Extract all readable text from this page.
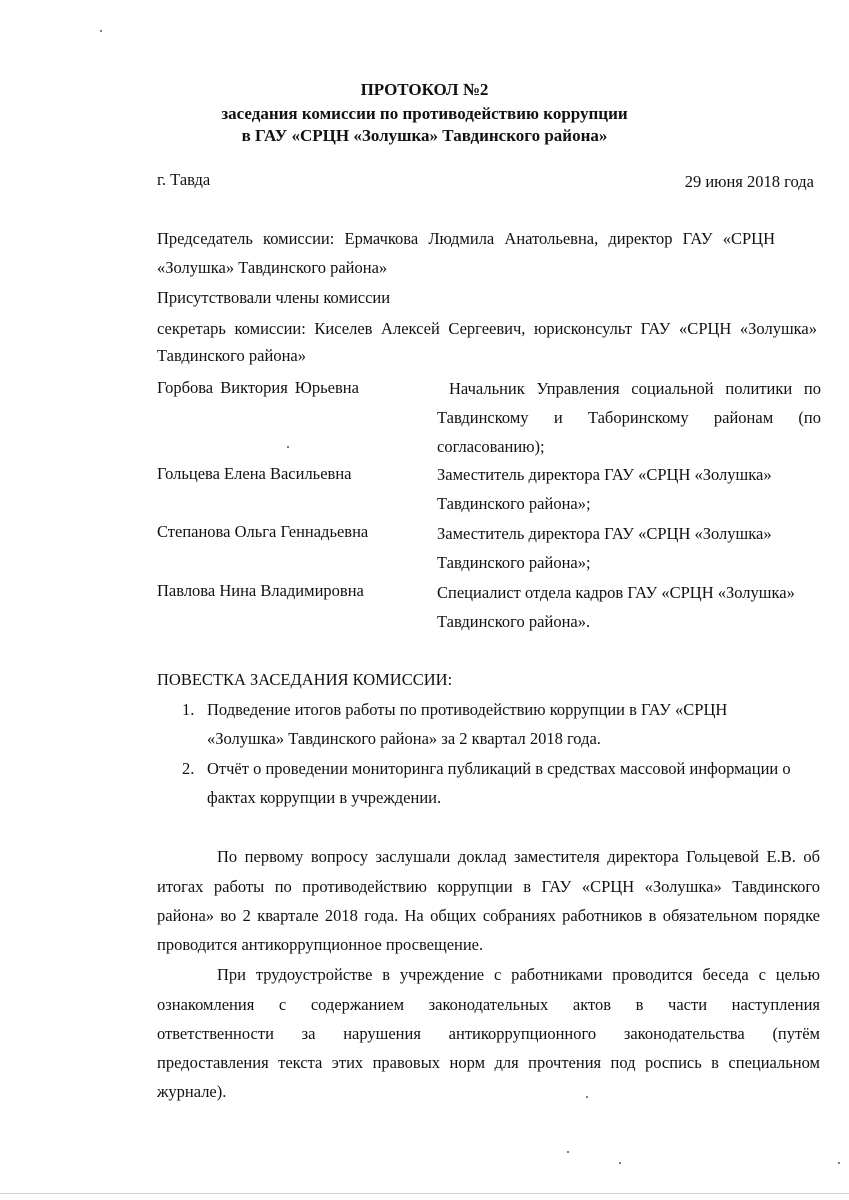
ПРОТОКОЛ №2
заседания комиссии по противодействию коррупции
в ГАУ «СРЦН «Золушка» Тавдинского района»
г. Тавда	29 июня 2018 года
Председатель комиссии: Ермачкова Людмила Анатольевна, директор ГАУ «СРЦН
«Золушка» Тавдинского района»
Присутствовали члены комиссии
секретарь комиссии: Киселев Алексей Сергеевич, юрисконсульт ГАУ «СРЦН «Золушка»
Тавдинского района»
Горбова Виктория Юрьевна	Начальник Управления социальной политики по
Тавдинскому и Таборинскому районам (по
согласованию);
Гольцева Елена Васильевна	Заместитель директора ГАУ «СРЦН «Золушка»
Тавдинского района»;
Степанова Ольга Геннадьевна	Заместитель директора ГАУ «СРЦН «Золушка»
Тавдинского района»;
Павлова Нина Владимировна	Специалист отдела кадров ГАУ «СРЦН «Золушка»
Тавдинского района».
ПОВЕСТКА ЗАСЕДАНИЯ КОМИССИИ:
1. Подведение итогов работы по противодействию коррупции в ГАУ «СРЦН
«Золушка» Тавдинского района» за 2 квартал 2018 года.
2. Отчёт о проведении мониторинга публикаций в средствах массовой информации о
фактах коррупции в учреждении.
По первому вопросу заслушали доклад заместителя директора Гольцевой Е.В. об
итогах работы по противодействию коррупции в ГАУ «СРЦН «Золушка» Тавдинского
района» во 2 квартале 2018 года. На общих собраниях работников в обязательном порядке
проводится антикоррупционное просвещение.
При трудоустройстве в учреждение с работниками проводится беседа с целью
ознакомления с содержанием законодательных актов в части наступления
ответственности за нарушения антикоррупционного законодательства (путём
предоставления текста этих правовых норм для прочтения под роспись в специальном
журнале).
